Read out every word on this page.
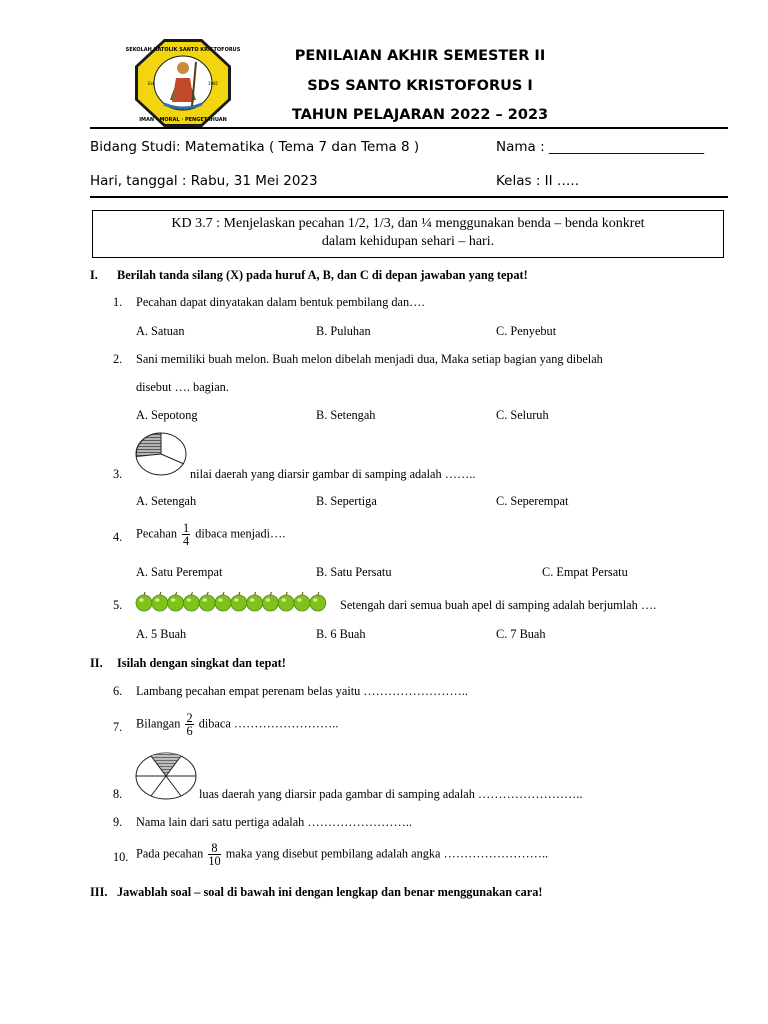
SEKOLAH KATOLIK SANTO KRISTOFORUS
IMAN · MORAL · PENGETAHUAN
Est.	1981
PENILAIAN AKHIR SEMESTER II
SDS SANTO KRISTOFORUS I
TAHUN PELAJARAN 2022 – 2023
Bidang Studi: Matematika ( Tema 7 dan Tema 8 )	Nama : _______________________
Hari, tanggal : Rabu, 31 Mei 2023	Kelas : II …..
KD 3.7 : Menjelaskan pecahan 1/2, 1/3, dan ¼ menggunakan benda – benda konkret
dalam kehidupan sehari – hari.
I. Berilah tanda silang (X) pada huruf A, B, dan C di depan jawaban yang tepat!
1. Pecahan dapat dinyatakan dalam bentuk pembilang dan….
A. Satuan	B. Puluhan	C. Penyebut
2. Sani memiliki buah melon. Buah melon dibelah menjadi dua, Maka setiap bagian yang dibelah
disebut …. bagian.
A. Sepotong	B. Setengah	C. Seluruh
3.	nilai daerah yang diarsir gambar di samping adalah ……..
A. Setengah	B. Sepertiga	C. Seperempat
4. Pecahan $\frac{1}{4}$ dibaca menjadi….
A. Satu Perempat	B. Satu Persatu	C. Empat Persatu
5.	Setengah dari semua buah apel di samping adalah berjumlah ….
A. 5 Buah	B. 6 Buah	C. 7 Buah
II. Isilah dengan singkat dan tepat!
6. Lambang pecahan empat perenam belas yaitu ……………………..
7. Bilangan $\frac{2}{6}$ dibaca ……………………..
8.	luas daerah yang diarsir pada gambar di samping adalah ……………………..
9. Nama lain dari satu pertiga adalah ……………………..
10. Pada pecahan $\frac{8}{10}$ maka yang disebut pembilang adalah angka ……………………..
III. Jawablah soal – soal di bawah ini dengan lengkap dan benar menggunakan cara!
